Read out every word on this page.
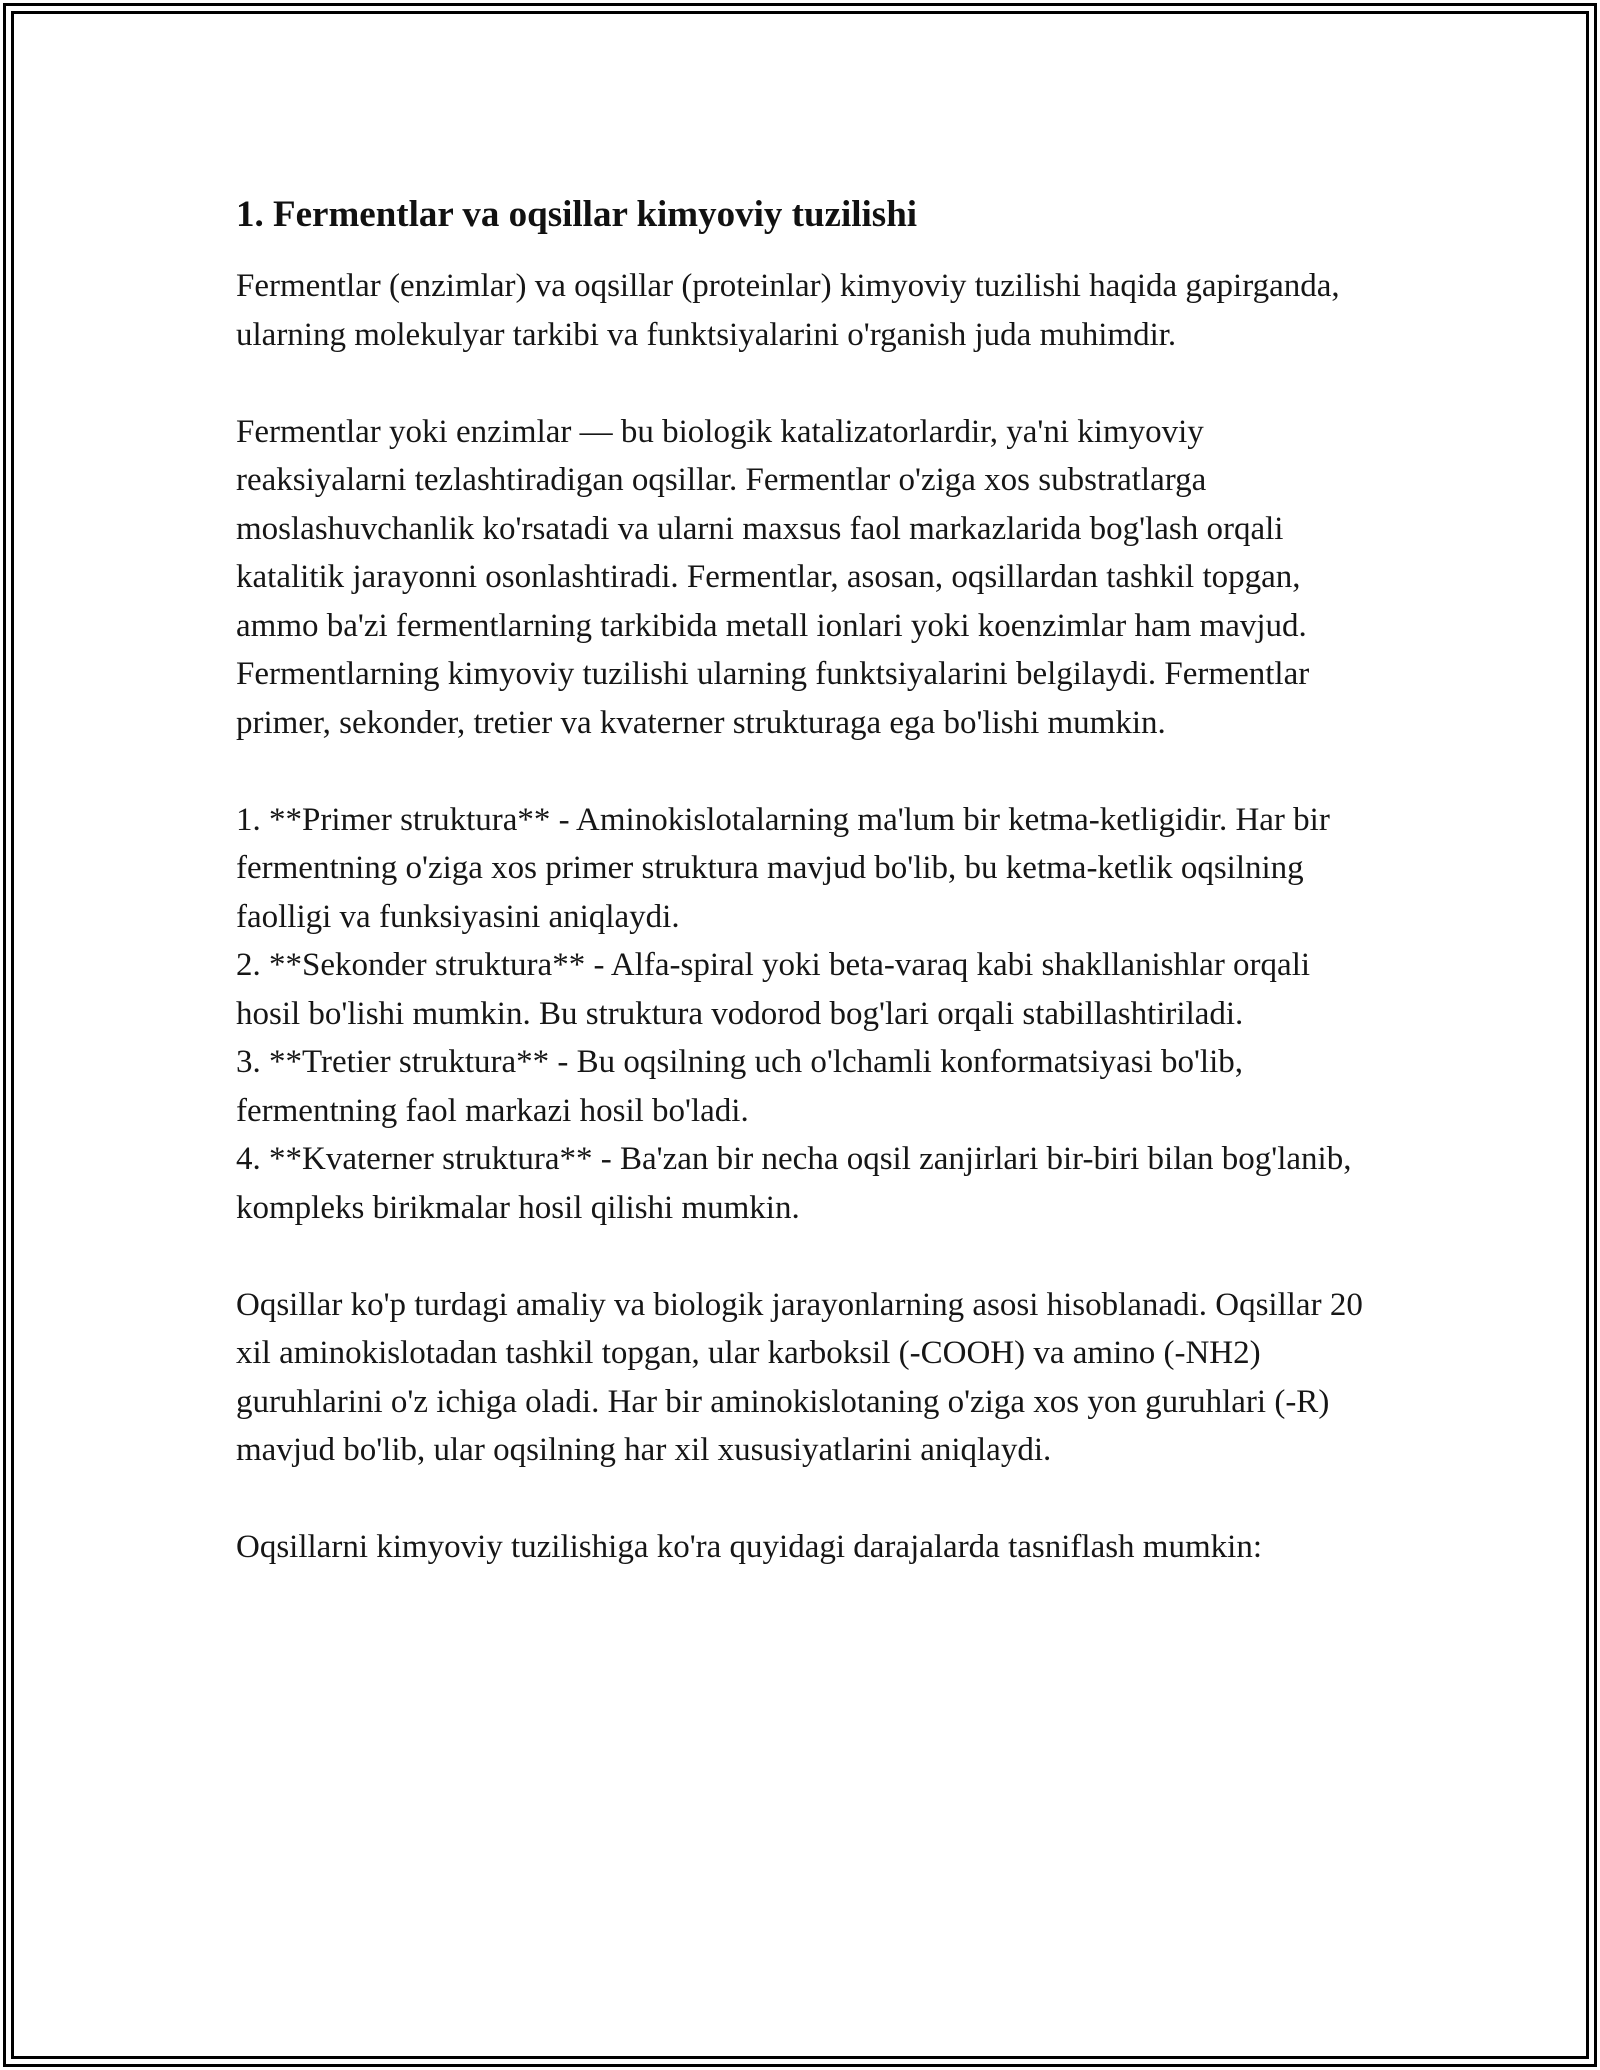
1. Fermentlar va oqsillar kimyoviy tuzilishi

Fermentlar (enzimlar) va oqsillar (proteinlar) kimyoviy tuzilishi haqida gapirganda, ularning molekulyar tarkibi va funktsiyalarini o'rganish juda muhimdir.

Fermentlar yoki enzimlar — bu biologik katalizatorlardir, ya'ni kimyoviy reaksiyalarni tezlashtiradigan oqsillar. Fermentlar o'ziga xos substratlarga moslashuvchanlik ko'rsatadi va ularni maxsus faol markazlarida bog'lash orqali katalitik jarayonni osonlashtiradi. Fermentlar, asosan, oqsillardan tashkil topgan, ammo ba'zi fermentlarning tarkibida metall ionlari yoki koenzimlar ham mavjud. Fermentlarning kimyoviy tuzilishi ularning funktsiyalarini belgilaydi. Fermentlar primer, sekonder, tretier va kvaterner strukturaga ega bo'lishi mumkin.

1. **Primer struktura** - Aminokislotalarning ma'lum bir ketma-ketligidir. Har bir fermentning o'ziga xos primer struktura mavjud bo'lib, bu ketma-ketlik oqsilning faolligi va funksiyasini aniqlaydi.

2. **Sekonder struktura** - Alfa-spiral yoki beta-varaq kabi shakllanishlar orqali hosil bo'lishi mumkin. Bu struktura vodorod bog'lari orqali stabillashtiriladi.

3. **Tretier struktura** - Bu oqsilning uch o'lchamli konformatsiyasi bo'lib, fermentning faol markazi hosil bo'ladi.

4. **Kvaterner struktura** - Ba'zan bir necha oqsil zanjirlari bir-biri bilan bog'lanib, kompleks birikmalar hosil qilishi mumkin.

Oqsillar ko'p turdagi amaliy va biologik jarayonlarning asosi hisoblanadi. Oqsillar 20 xil aminokislotadan tashkil topgan, ular karboksil (-COOH) va amino (-NH2) guruhlarini o'z ichiga oladi. Har bir aminokislotaning o'ziga xos yon guruhlari (-R) mavjud bo'lib, ular oqsilning har xil xususiyatlarini aniqlaydi.

Oqsillarni kimyoviy tuzilishiga ko'ra quyidagi darajalarda tasniflash mumkin:
